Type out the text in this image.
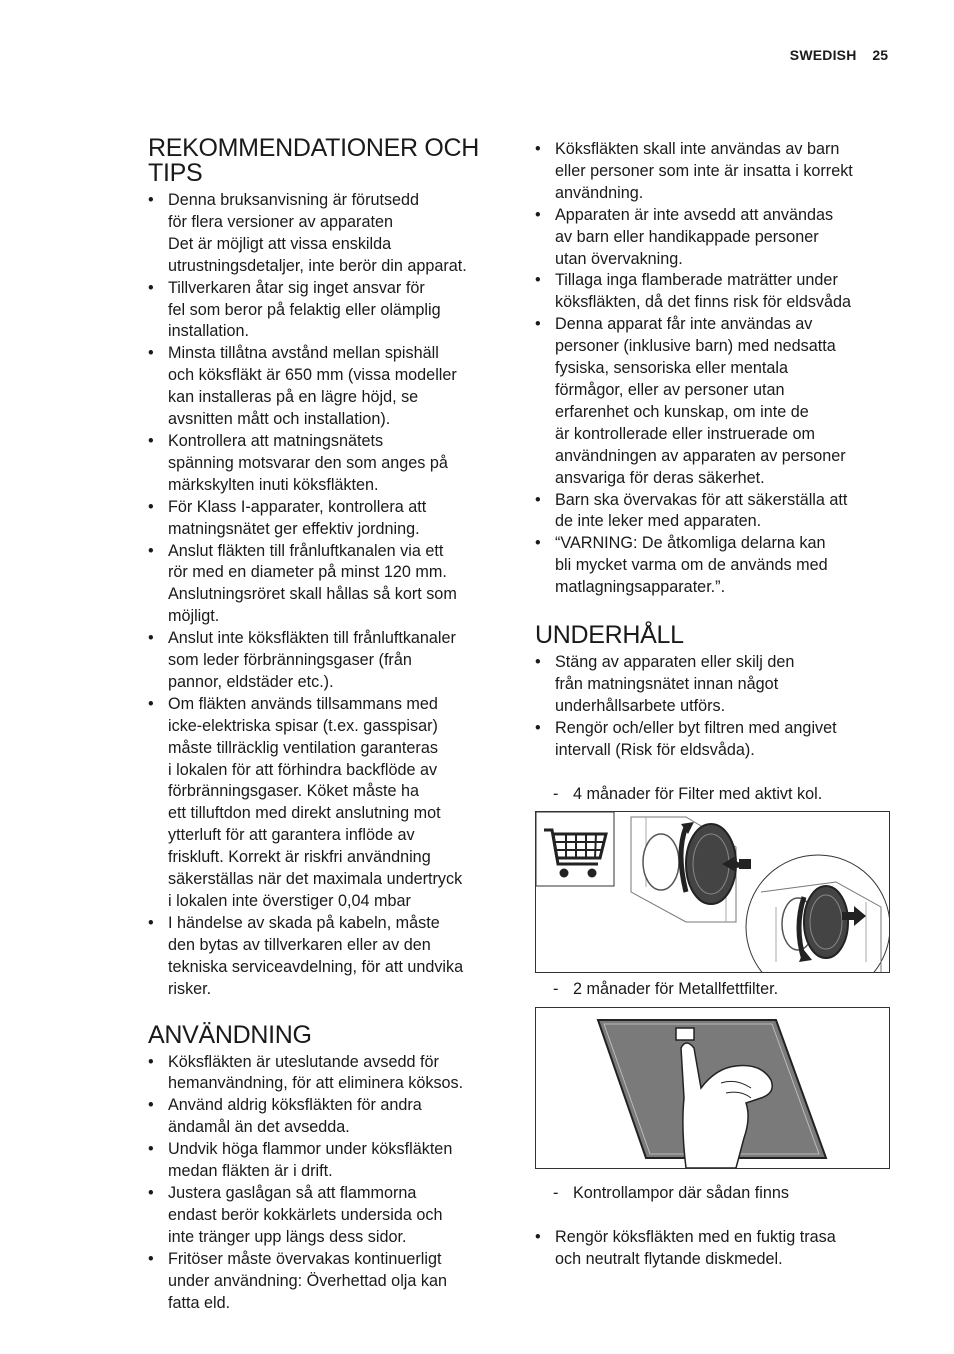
SWEDISH 25
REKOMMENDATIONER OCH
TIPS
• Denna bruksanvisning är förutsedd
för flera versioner av apparaten
Det är möjligt att vissa enskilda
utrustningsdetaljer, inte berör din apparat.
• Tillverkaren åtar sig inget ansvar för
fel som beror på felaktig eller olämplig
installation.
• Minsta tillåtna avstånd mellan spishäll
och köksfläkt är 650 mm (vissa modeller
kan installeras på en lägre höjd, se
avsnitten mått och installation).
• Kontrollera att matningsnätets
spänning motsvarar den som anges på
märkskylten inuti köksfläkten.
• För Klass I-apparater, kontrollera att
matningsnätet ger effektiv jordning.
• Anslut fläkten till frånluftkanalen via ett
rör med en diameter på minst 120 mm.
Anslutningsröret skall hållas så kort som
möjligt.
• Anslut inte köksfläkten till frånluftkanaler
som leder förbränningsgaser (från
pannor, eldstäder etc.).
• Om fläkten används tillsammans med
icke-elektriska spisar (t.ex. gasspisar)
måste tillräcklig ventilation garanteras
i lokalen för att förhindra backflöde av
förbränningsgaser. Köket måste ha
ett tilluftdon med direkt anslutning mot
ytterluft för att garantera inflöde av
friskluft. Korrekt är riskfri användning
säkerställas när det maximala undertryck
i lokalen inte överstiger 0,04 mbar
• I händelse av skada på kabeln, måste
den bytas av tillverkaren eller av den
tekniska serviceavdelning, för att undvika
risker.
ANVÄNDNING
• Köksfläkten är uteslutande avsedd för
hemanvändning, för att eliminera köksos.
• Använd aldrig köksfläkten för andra
ändamål än det avsedda.
• Undvik höga flammor under köksfläkten
medan fläkten är i drift.
• Justera gaslågan så att flammorna
endast berör kokkärlets undersida och
inte tränger upp längs dess sidor.
• Fritöser måste övervakas kontinuerligt
under användning: Överhettad olja kan
fatta eld.
• Köksfläkten skall inte användas av barn
eller personer som inte är insatta i korrekt
användning.
• Apparaten är inte avsedd att användas
av barn eller handikappade personer
utan övervakning.
• Tillaga inga flamberade maträtter under
köksfläkten, då det finns risk för eldsvåda
• Denna apparat får inte användas av
personer (inklusive barn) med nedsatta
fysiska, sensoriska eller mentala
förmågor, eller av personer utan
erfarenhet och kunskap, om inte de
är kontrollerade eller instruerade om
användningen av apparaten av personer
ansvariga för deras säkerhet.
• Barn ska övervakas för att säkerställa att
de inte leker med apparaten.
• “VARNING: De åtkomliga delarna kan
bli mycket varma om de används med
matlagningsapparater.”.
UNDERHÅLL
• Stäng av apparaten eller skilj den
från matningsnätet innan något
underhållsarbete utförs.
• Rengör och/eller byt filtren med angivet
intervall (Risk för eldsvåda).
- 4 månader för Filter med aktivt kol.
- 2 månader för Metallfettfilter.
- Kontrollampor där sådan finns
• Rengör köksfläkten med en fuktig trasa
och neutralt flytande diskmedel.
